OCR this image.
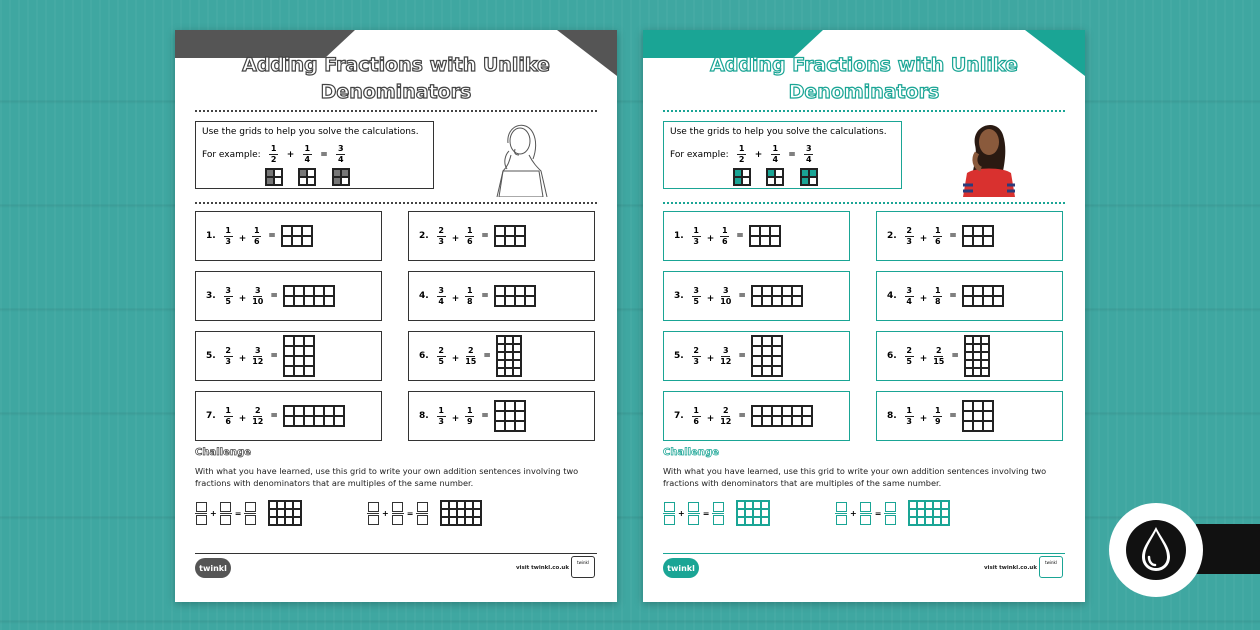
Adding Fractions with Unlike
Denominators
Use the grids to help you solve the calculations.
For example: $\frac{1}{2}$ +	$\frac{1}{4}$ =	$\frac{3}{4}$
1. $\frac{1}{3} + \frac{1}{6}$ =	2. $\frac{2}{3} + \frac{1}{6}$ =
3. $\frac{3}{5} + \frac{3}{10}$ =	4. $\frac{3}{4} + \frac{1}{8}$ =
5. $\frac{2}{3} + \frac{3}{12}$ =	6. $\frac{2}{5} + \frac{2}{15}$ =
7. $\frac{1}{6} + \frac{2}{12}$ =	8. $\frac{1}{3} + \frac{1}{9}$ =
Challenge
With what you have learned, use this grid to write your own addition sentences involving two fractions with denominators that are multiples of the same number.
+	=	+	=
twinkl	visit twinkl.co.uk
twinkl
Adding Fractions with Unlike
Denominators
Use the grids to help you solve the calculations.
For example: $\frac{1}{2}$ +	$\frac{1}{4}$ =	$\frac{3}{4}$
1. $\frac{1}{3} + \frac{1}{6}$ =	2. $\frac{2}{3} + \frac{1}{6}$ =
3. $\frac{3}{5} + \frac{3}{10}$ =	4. $\frac{3}{4} + \frac{1}{8}$ =
5. $\frac{2}{3} + \frac{3}{12}$ =	6. $\frac{2}{5} + \frac{2}{15}$ =
7. $\frac{1}{6} + \frac{2}{12}$ =	8. $\frac{1}{3} + \frac{1}{9}$ =
Challenge
With what you have learned, use this grid to write your own addition sentences involving two fractions with denominators that are multiples of the same number.
+	=	+	=
twinkl	visit twinkl.co.uk
twinkl
